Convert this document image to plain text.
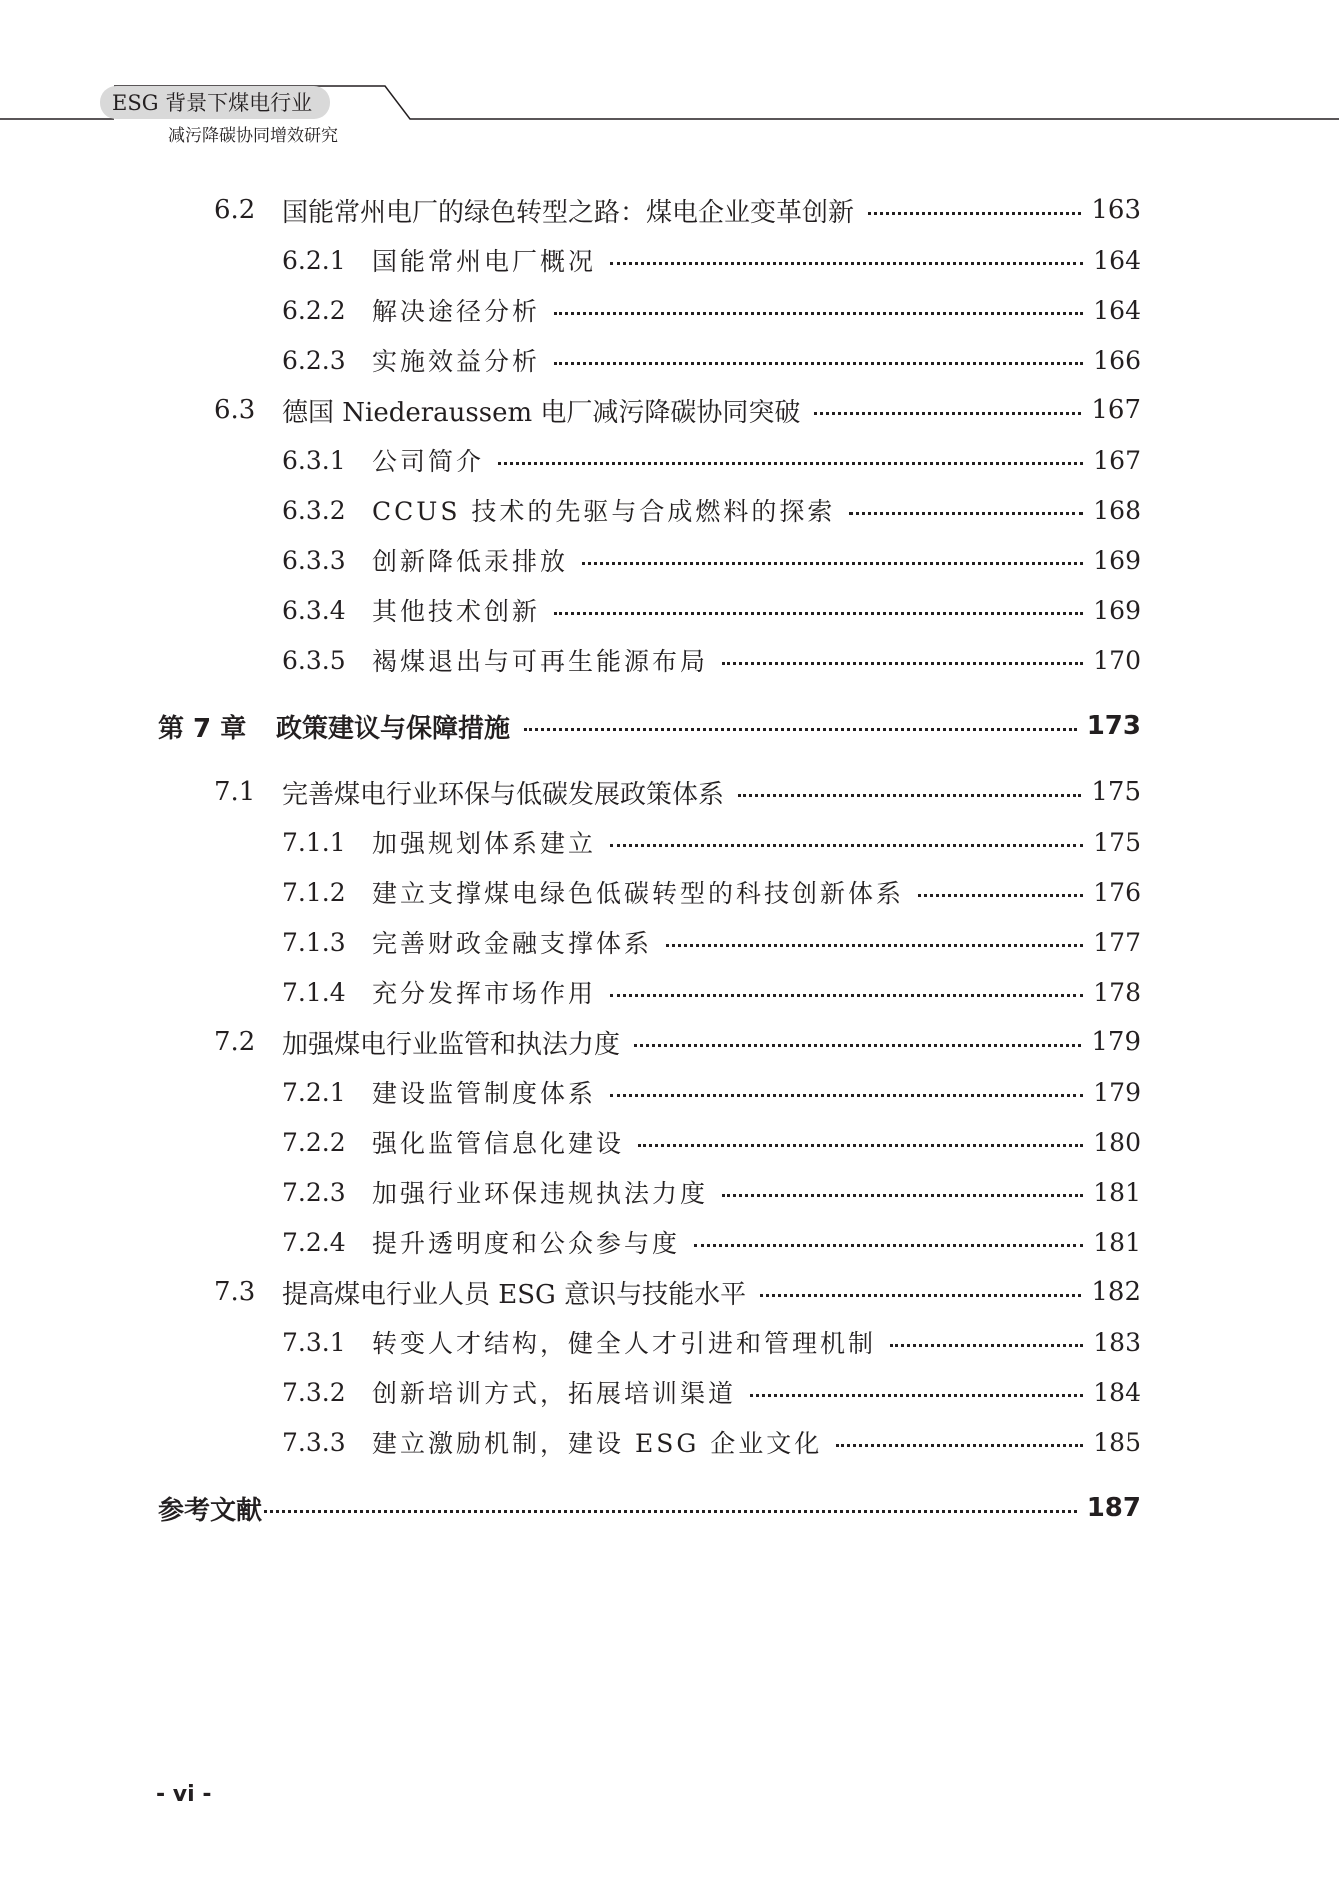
ESG 背景下煤电行业
减污降碳协同增效研究
6.2	国能常州电厂的绿色转型之路：煤电企业变革创新	163
6.2.1	国能常州电厂概况	164
6.2.2	解决途径分析	164
6.2.3	实施效益分析	166
6.3	德国 Niederaussem 电厂减污降碳协同突破	167
6.3.1	公司简介	167
6.3.2	CCUS 技术的先驱与合成燃料的探索	168
6.3.3	创新降低汞排放	169
6.3.4	其他技术创新	169
6.3.5	褐煤退出与可再生能源布局	170
第 7 章	政策建议与保障措施	173
7.1	完善煤电行业环保与低碳发展政策体系	175
7.1.1	加强规划体系建立	175
7.1.2	建立支撑煤电绿色低碳转型的科技创新体系	176
7.1.3	完善财政金融支撑体系	177
7.1.4	充分发挥市场作用	178
7.2	加强煤电行业监管和执法力度	179
7.2.1	建设监管制度体系	179
7.2.2	强化监管信息化建设	180
7.2.3	加强行业环保违规执法力度	181
7.2.4	提升透明度和公众参与度	181
7.3	提高煤电行业人员 ESG 意识与技能水平	182
7.3.1	转变人才结构，健全人才引进和管理机制	183
7.3.2	创新培训方式，拓展培训渠道	184
7.3.3	建立激励机制，建设 ESG 企业文化	185
参考文献	187
- vi -
